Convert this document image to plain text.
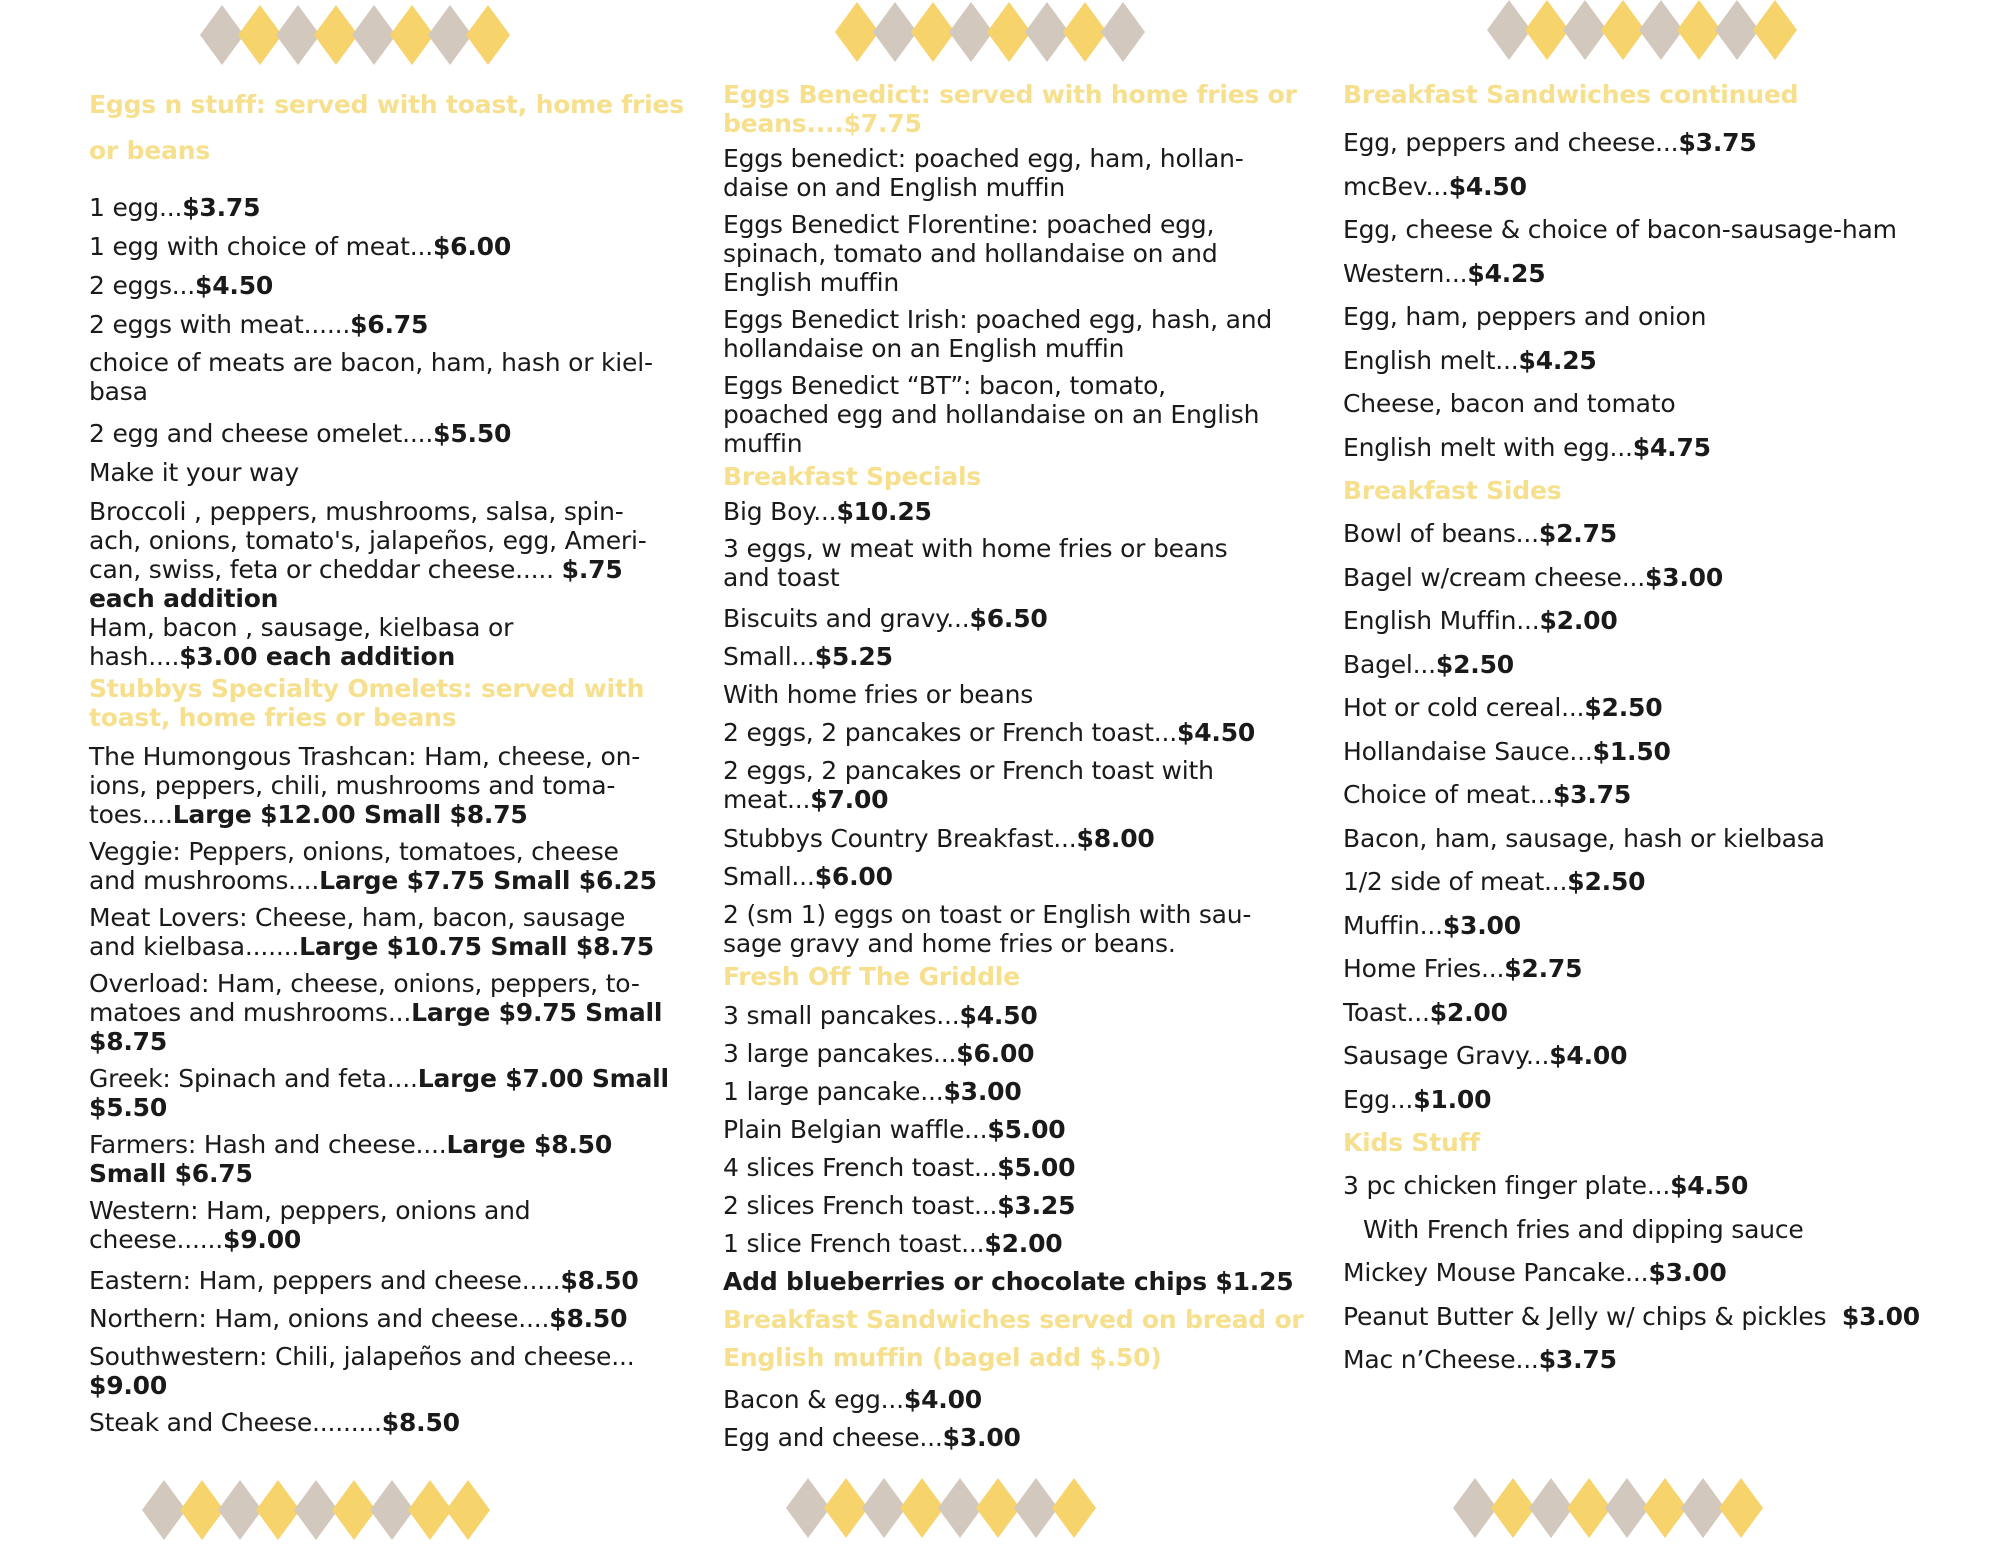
Eggs n stuff: served with toast, home fries
or beans
1 egg...$3.75
1 egg with choice of meat...$6.00
2 eggs...$4.50
2 eggs with meat......$6.75
choice of meats are bacon, ham, hash or kiel-
basa
2 egg and cheese omelet....$5.50
Make it your way
Broccoli , peppers, mushrooms, salsa, spin-
ach, onions, tomato's, jalapeños, egg, Ameri-
can, swiss, feta or cheddar cheese..... $.75
each addition
Ham, bacon , sausage, kielbasa or
hash....$3.00 each addition
Stubbys Specialty Omelets: served with
toast, home fries or beans
The Humongous Trashcan: Ham, cheese, on-
ions, peppers, chili, mushrooms and toma-
toes....Large $12.00 Small $8.75
Veggie: Peppers, onions, tomatoes, cheese
and mushrooms....Large $7.75 Small $6.25
Meat Lovers: Cheese, ham, bacon, sausage
and kielbasa.......Large $10.75 Small $8.75
Overload: Ham, cheese, onions, peppers, to-
matoes and mushrooms...Large $9.75 Small
$8.75
Greek: Spinach and feta....Large $7.00 Small
$5.50
Farmers: Hash and cheese....Large $8.50
Small $6.75
Western: Ham, peppers, onions and
cheese......$9.00
Eastern: Ham, peppers and cheese.....$8.50
Northern: Ham, onions and cheese....$8.50
Southwestern: Chili, jalapeños and cheese...
$9.00
Steak and Cheese.........$8.50
Eggs Benedict: served with home fries or
beans....$7.75
Eggs benedict: poached egg, ham, hollan-
daise on and English muffin
Eggs Benedict Florentine: poached egg,
spinach, tomato and hollandaise on and
English muffin
Eggs Benedict Irish: poached egg, hash, and
hollandaise on an English muffin
Eggs Benedict “BT”: bacon, tomato,
poached egg and hollandaise on an English
muffin
Breakfast Specials
Big Boy...$10.25
3 eggs, w meat with home fries or beans
and toast
Biscuits and gravy...$6.50
Small...$5.25
With home fries or beans
2 eggs, 2 pancakes or French toast...$4.50
2 eggs, 2 pancakes or French toast with
meat...$7.00
Stubbys Country Breakfast...$8.00
Small...$6.00
2 (sm 1) eggs on toast or English with sau-
sage gravy and home fries or beans.
Fresh Off The Griddle
3 small pancakes...$4.50
3 large pancakes...$6.00
1 large pancake...$3.00
Plain Belgian waffle...$5.00
4 slices French toast...$5.00
2 slices French toast...$3.25
1 slice French toast...$2.00
Add blueberries or chocolate chips $1.25
Breakfast Sandwiches served on bread or
English muffin (bagel add $.50)
Bacon & egg...$4.00
Egg and cheese...$3.00
Breakfast Sandwiches continued
Egg, peppers and cheese...$3.75
mcBev...$4.50
Egg, cheese & choice of bacon-sausage-ham
Western...$4.25
Egg, ham, peppers and onion
English melt...$4.25
Cheese, bacon and tomato
English melt with egg...$4.75
Breakfast Sides
Bowl of beans...$2.75
Bagel w/cream cheese...$3.00
English Muffin...$2.00
Bagel...$2.50
Hot or cold cereal...$2.50
Hollandaise Sauce...$1.50
Choice of meat...$3.75
Bacon, ham, sausage, hash or kielbasa
1/2 side of meat...$2.50
Muffin...$3.00
Home Fries...$2.75
Toast...$2.00
Sausage Gravy...$4.00
Egg...$1.00
Kids Stuff
3 pc chicken finger plate...$4.50
With French fries and dipping sauce
Mickey Mouse Pancake...$3.00
Peanut Butter & Jelly w/ chips & pickles  $3.00
Mac n’Cheese...$3.75
